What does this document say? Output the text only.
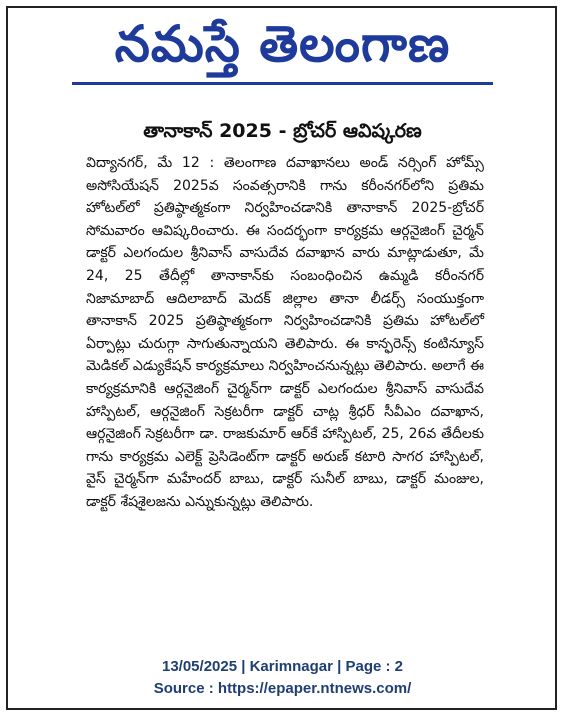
నమస్తే తెలంగాణ
తానాకాన్ 2025 - బ్రోచర్ ఆవిష్కరణ

విద్యానగర్, మే 12 : తెలంగాణ దవాఖానలు అండ్ నర్సింగ్ హోమ్స్ అసోసియేషన్ 2025వ సంవత్సరానికి గాను కరీంనగర్‌లోని ప్రతిమ హోటల్‌లో ప్రతిష్ఠాత్మకంగా నిర్వహించడానికి తానాకాన్ 2025-బ్రోచర్ సోమవారం ఆవిష్కరించారు. ఈ సందర్భంగా కార్యక్రమ ఆర్గనైజింగ్ చైర్మన్ డాక్టర్ ఎలగందుల శ్రీనివాస్ వాసుదేవ దవాఖాన వారు మాట్లాడుతూ, మే 24, 25 తేదీల్లో తానాకాన్‌కు సంబంధించిన ఉమ్మడి కరీంనగర్ నిజామాబాద్ ఆదిలాబాద్ మెదక్ జిల్లాల తానా లీడర్స్ సంయుక్తంగా తానాకాన్ 2025 ప్రతిష్ఠాత్మకంగా నిర్వహించడానికి ప్రతిమ హోటల్‌లో ఏర్పాట్లు చురుగ్గా సాగుతున్నాయని తెలిపారు. ఈ కాన్ఫరెన్స్ కంటిన్యూస్ మెడికల్ ఎడ్యుకేషన్ కార్యక్రమాలు నిర్వహించనున్నట్లు తెలిపారు. అలాగే ఈ కార్యక్రమానికి ఆర్గనైజింగ్ చైర్మన్‌గా డాక్టర్ ఎలగందుల శ్రీనివాస్ వాసుదేవ హాస్పిటల్, ఆర్గనైజింగ్ సెక్రటరీగా డాక్టర్ చాట్ల శ్రీధర్ సీవీఎం దవాఖాన, ఆర్గనైజింగ్ సెక్రటరీగా డా. రాజకుమార్ ఆర్‌కే హాస్పిటల్, 25, 26వ తేదీలకు గాను కార్యక్రమ ఎలెక్ట్ ప్రెసిడెంట్‌గా డాక్టర్ అరుణ్ కటారి సాగర హాస్పిటల్, వైస్ చైర్మన్‌గా మహేందర్ బాబు, డాక్టర్ సునీల్ బాబు, డాక్టర్ మంజుల, డాక్టర్ శేషశైలజను ఎన్నుకున్నట్లు తెలిపారు.

13/05/2025 | Karimnagar | Page : 2
Source : https://epaper.ntnews.com/
